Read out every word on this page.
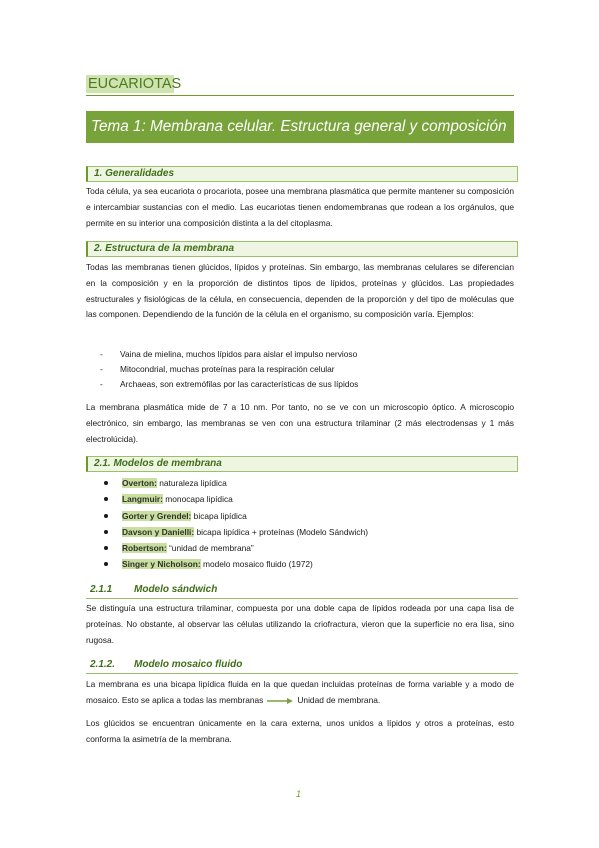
EUCARIOTAS
Tema 1: Membrana celular. Estructura general y composición
1. Generalidades
Toda célula, ya sea eucariota o procariota, posee una membrana plasmática que permite mantener su composición e intercambiar sustancias con el medio. Las eucariotas tienen endomembranas que rodean a los orgánulos, que permite en su interior una composición distinta a la del citoplasma.
2. Estructura de la membrana
Todas las membranas tienen glúcidos, lípidos y proteínas. Sin embargo, las membranas celulares se diferencian en la composición y en la proporción de distintos tipos de lípidos, proteínas y glúcidos. Las propiedades estructurales y fisiológicas de la célula, en consecuencia, dependen de la proporción y del tipo de moléculas que las componen. Dependiendo de la función de la célula en el organismo, su composición varía. Ejemplos:
- Vaina de mielina, muchos lípidos para aislar el impulso nervioso
- Mitocondrial, muchas proteínas para la respiración celular
- Archaeas, son extremófilas por las características de sus lípidos
La membrana plasmática mide de 7 a 10 nm. Por tanto, no se ve con un microscopio óptico. A microscopio electrónico, sin embargo, las membranas se ven con una estructura trilaminar (2 más electrodensas y 1 más electrolúcida).
2.1. Modelos de membrana
Overton: naturaleza lipídica
Langmuir: monocapa lipídica
Gorter y Grendel: bicapa lipídica
Davson y Danielli: bicapa lipídica + proteínas (Modelo Sándwich)
Robertson: “unidad de membrana”
Singer y Nicholson: modelo mosaico fluido (1972)
2.1.1 Modelo sándwich
Se distinguía una estructura trilaminar, compuesta por una doble capa de lípidos rodeada por una capa lisa de proteínas. No obstante, al observar las células utilizando la criofractura, vieron que la superficie no era lisa, sino rugosa.
2.1.2. Modelo mosaico fluido
La membrana es una bicapa lipídica fluida en la que quedan incluidas proteínas de forma variable y a modo de mosaico. Esto se aplica a todas las membranas	Unidad de membrana.
Los glúcidos se encuentran únicamente en la cara externa, unos unidos a lípidos y otros a proteínas, esto conforma la asimetría de la membrana.
1
